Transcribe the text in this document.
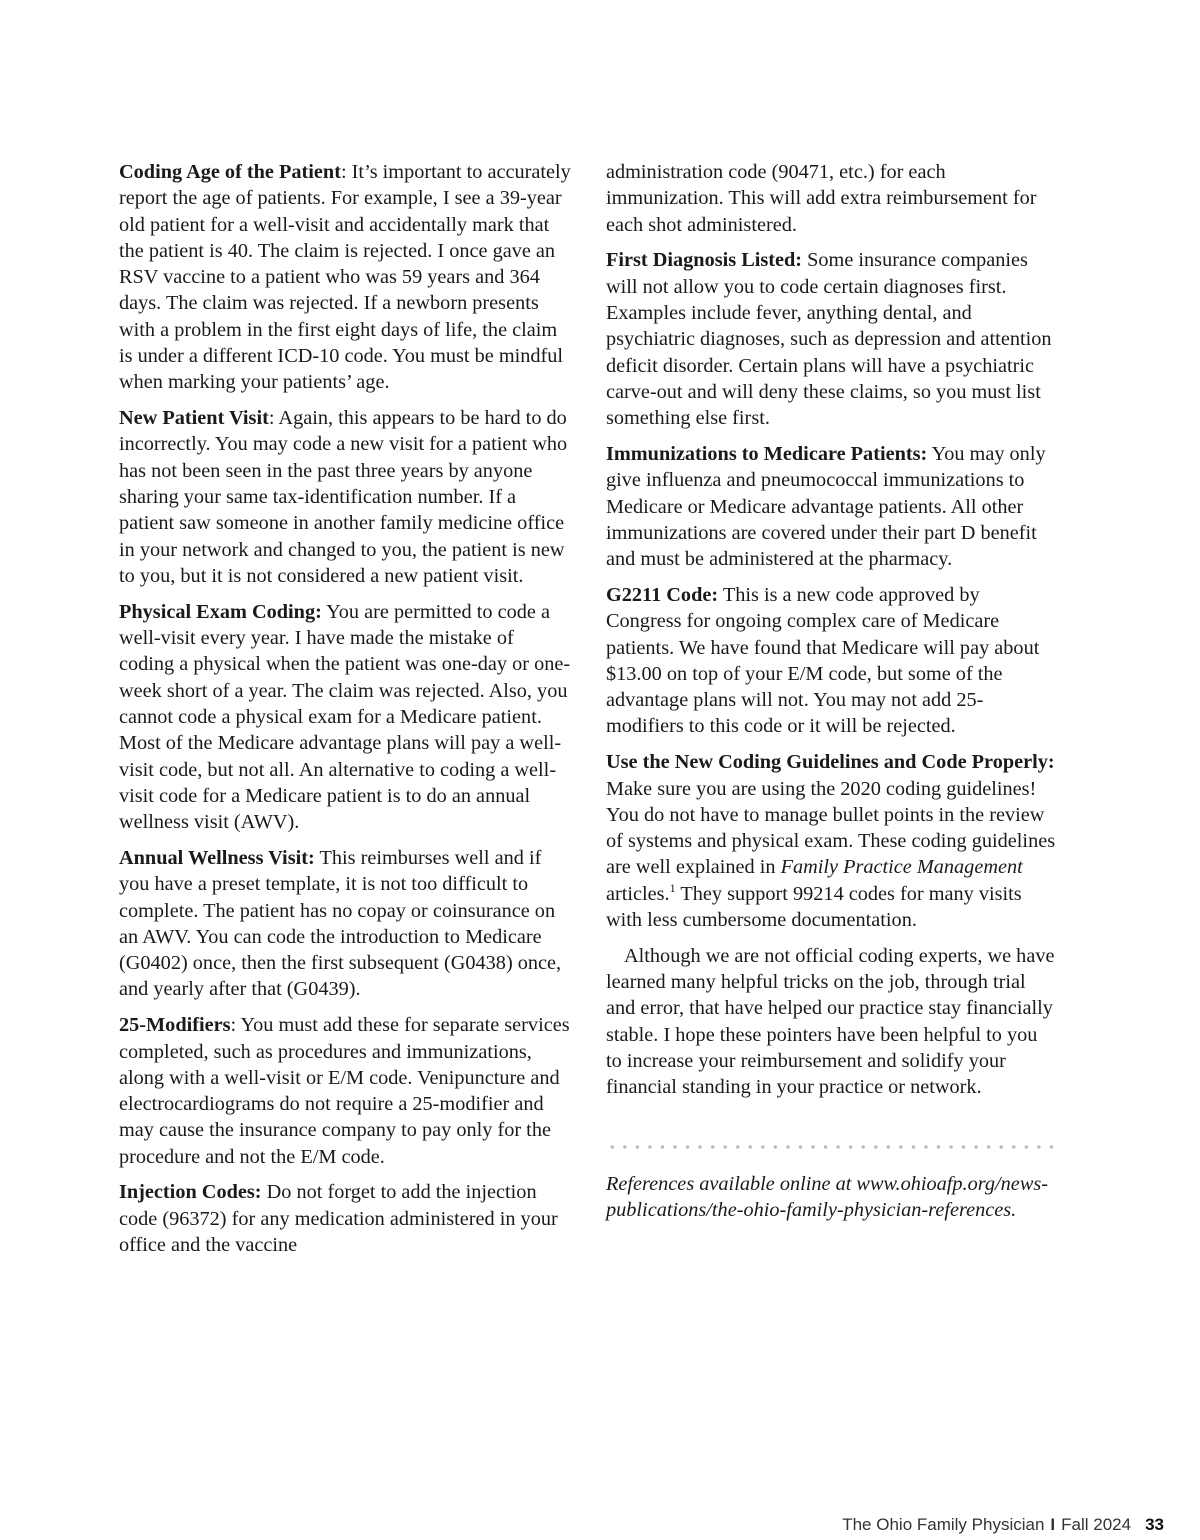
Coding Age of the Patient: It’s important to accurately report the age of patients. For example, I see a 39-year old patient for a well-visit and accidentally mark that the patient is 40. The claim is rejected. I once gave an RSV vaccine to a patient who was 59 years and 364 days. The claim was rejected. If a newborn presents with a problem in the first eight days of life, the claim is under a different ICD-10 code. You must be mindful when marking your patients’ age.

New Patient Visit: Again, this appears to be hard to do incorrectly. You may code a new visit for a patient who has not been seen in the past three years by anyone sharing your same tax-identification number. If a patient saw someone in another family medicine office in your network and changed to you, the patient is new to you, but it is not considered a new patient visit.

Physical Exam Coding: You are permitted to code a well-visit every year. I have made the mistake of coding a physical when the patient was one-day or one-week short of a year. The claim was rejected. Also, you cannot code a physical exam for a Medicare patient. Most of the Medicare advantage plans will pay a well-visit code, but not all. An alternative to coding a well-visit code for a Medicare patient is to do an annual wellness visit (AWV).

Annual Wellness Visit: This reimburses well and if you have a preset template, it is not too difficult to complete. The patient has no copay or coinsurance on an AWV. You can code the introduction to Medicare (G0402) once, then the first subsequent (G0438) once, and yearly after that (G0439).

25-Modifiers: You must add these for separate services completed, such as procedures and immunizations, along with a well-visit or E/M code. Venipuncture and electrocardiograms do not require a 25-modifier and may cause the insurance company to pay only for the procedure and not the E/M code.

Injection Codes: Do not forget to add the injection code (96372) for any medication administered in your office and the vaccine

administration code (90471, etc.) for each immunization. This will add extra reimbursement for each shot administered.

First Diagnosis Listed: Some insurance companies will not allow you to code certain diagnoses first. Examples include fever, anything dental, and psychiatric diagnoses, such as depression and attention deficit disorder. Certain plans will have a psychiatric carve-out and will deny these claims, so you must list something else first.

Immunizations to Medicare Patients: You may only give influenza and pneumococcal immunizations to Medicare or Medicare advantage patients. All other immunizations are covered under their part D benefit and must be administered at the pharmacy.

G2211 Code: This is a new code approved by Congress for ongoing complex care of Medicare patients. We have found that Medicare will pay about $13.00 on top of your E/M code, but some of the advantage plans will not. You may not add 25-modifiers to this code or it will be rejected.

Use the New Coding Guidelines and Code Properly: Make sure you are using the 2020 coding guidelines! You do not have to manage bullet points in the review of systems and physical exam. These coding guidelines are well explained in Family Practice Management articles.$^1$ They support 99214 codes for many visits with less cumbersome documentation.

Although we are not official coding experts, we have learned many helpful tricks on the job, through trial and error, that have helped our practice stay financially stable. I hope these pointers have been helpful to you to increase your reimbursement and solidify your financial standing in your practice or network.

References available online at www.ohioafp.org/news-publications/the-ohio-family-physician-references.

The Ohio Family Physician I Fall 2024 33
